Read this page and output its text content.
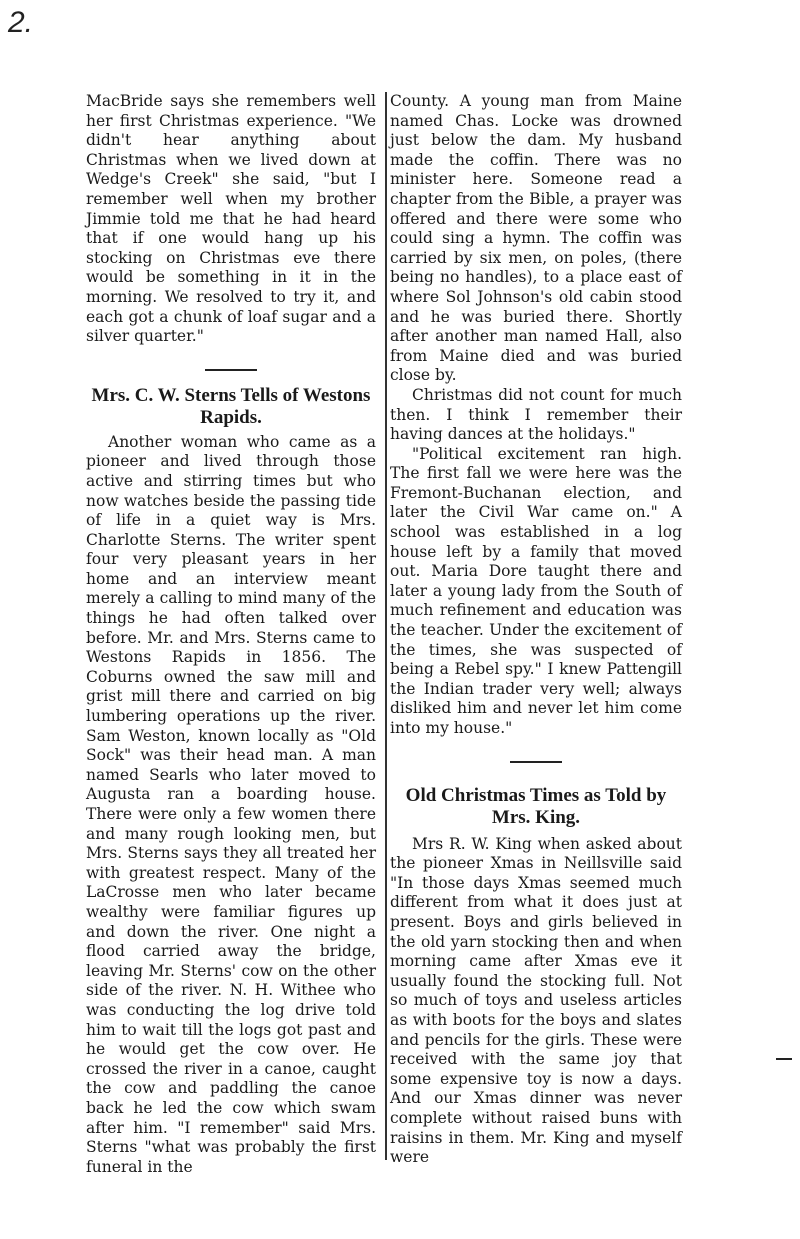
2.

MacBride says she remembers well her first Christmas experience. "We didn't hear anything about Christmas when we lived down at Wedge's Creek" she said, "but I remember well when my brother Jimmie told me that he had heard that if one would hang up his stocking on Christmas eve there would be something in it in the morning. We resolved to try it, and each got a chunk of loaf sugar and a silver quarter."

Mrs. C. W. Sterns Tells of Westons Rapids.

Another woman who came as a pioneer and lived through those active and stirring times but who now watches beside the passing tide of life in a quiet way is Mrs. Charlotte Sterns. The writer spent four very pleasant years in her home and an interview meant merely a calling to mind many of the things he had often talked over before. Mr. and Mrs. Sterns came to Westons Rapids in 1856. The Coburns owned the saw mill and grist mill there and carried on big lumbering operations up the river. Sam Weston, known locally as "Old Sock" was their head man. A man named Searls who later moved to Augusta ran a boarding house. There were only a few women there and many rough looking men, but Mrs. Sterns says they all treated her with greatest respect. Many of the LaCrosse men who later became wealthy were familiar figures up and down the river. One night a flood carried away the bridge, leaving Mr. Sterns' cow on the other side of the river. N. H. Withee who was conducting the log drive told him to wait till the logs got past and he would get the cow over. He crossed the river in a canoe, caught the cow and paddling the canoe back he led the cow which swam after him. "I remember" said Mrs. Sterns "what was probably the first funeral in the

County. A young man from Maine named Chas. Locke was drowned just below the dam. My husband made the coffin. There was no minister here. Someone read a chapter from the Bible, a prayer was offered and there were some who could sing a hymn. The coffin was carried by six men, on poles, (there being no handles), to a place east of where Sol Johnson's old cabin stood and he was buried there. Shortly after another man named Hall, also from Maine died and was buried close by.

Christmas did not count for much then. I think I remember their having dances at the holidays."

"Political excitement ran high. The first fall we were here was the Fremont-Buchanan election, and later the Civil War came on." A school was established in a log house left by a family that moved out. Maria Dore taught there and later a young lady from the South of much refinement and education was the teacher. Under the excitement of the times, she was suspected of being a Rebel spy." I knew Pattengill the Indian trader very well; always disliked him and never let him come into my house."

Old Christmas Times as Told by Mrs. King.

Mrs R. W. King when asked about the pioneer Xmas in Neillsville said "In those days Xmas seemed much different from what it does just at present. Boys and girls believed in the old yarn stocking then and when morning came after Xmas eve it usually found the stocking full. Not so much of toys and useless articles as with boots for the boys and slates and pencils for the girls. These were received with the same joy that some expensive toy is now a days. And our Xmas dinner was never complete without raised buns with raisins in them. Mr. King and myself were
